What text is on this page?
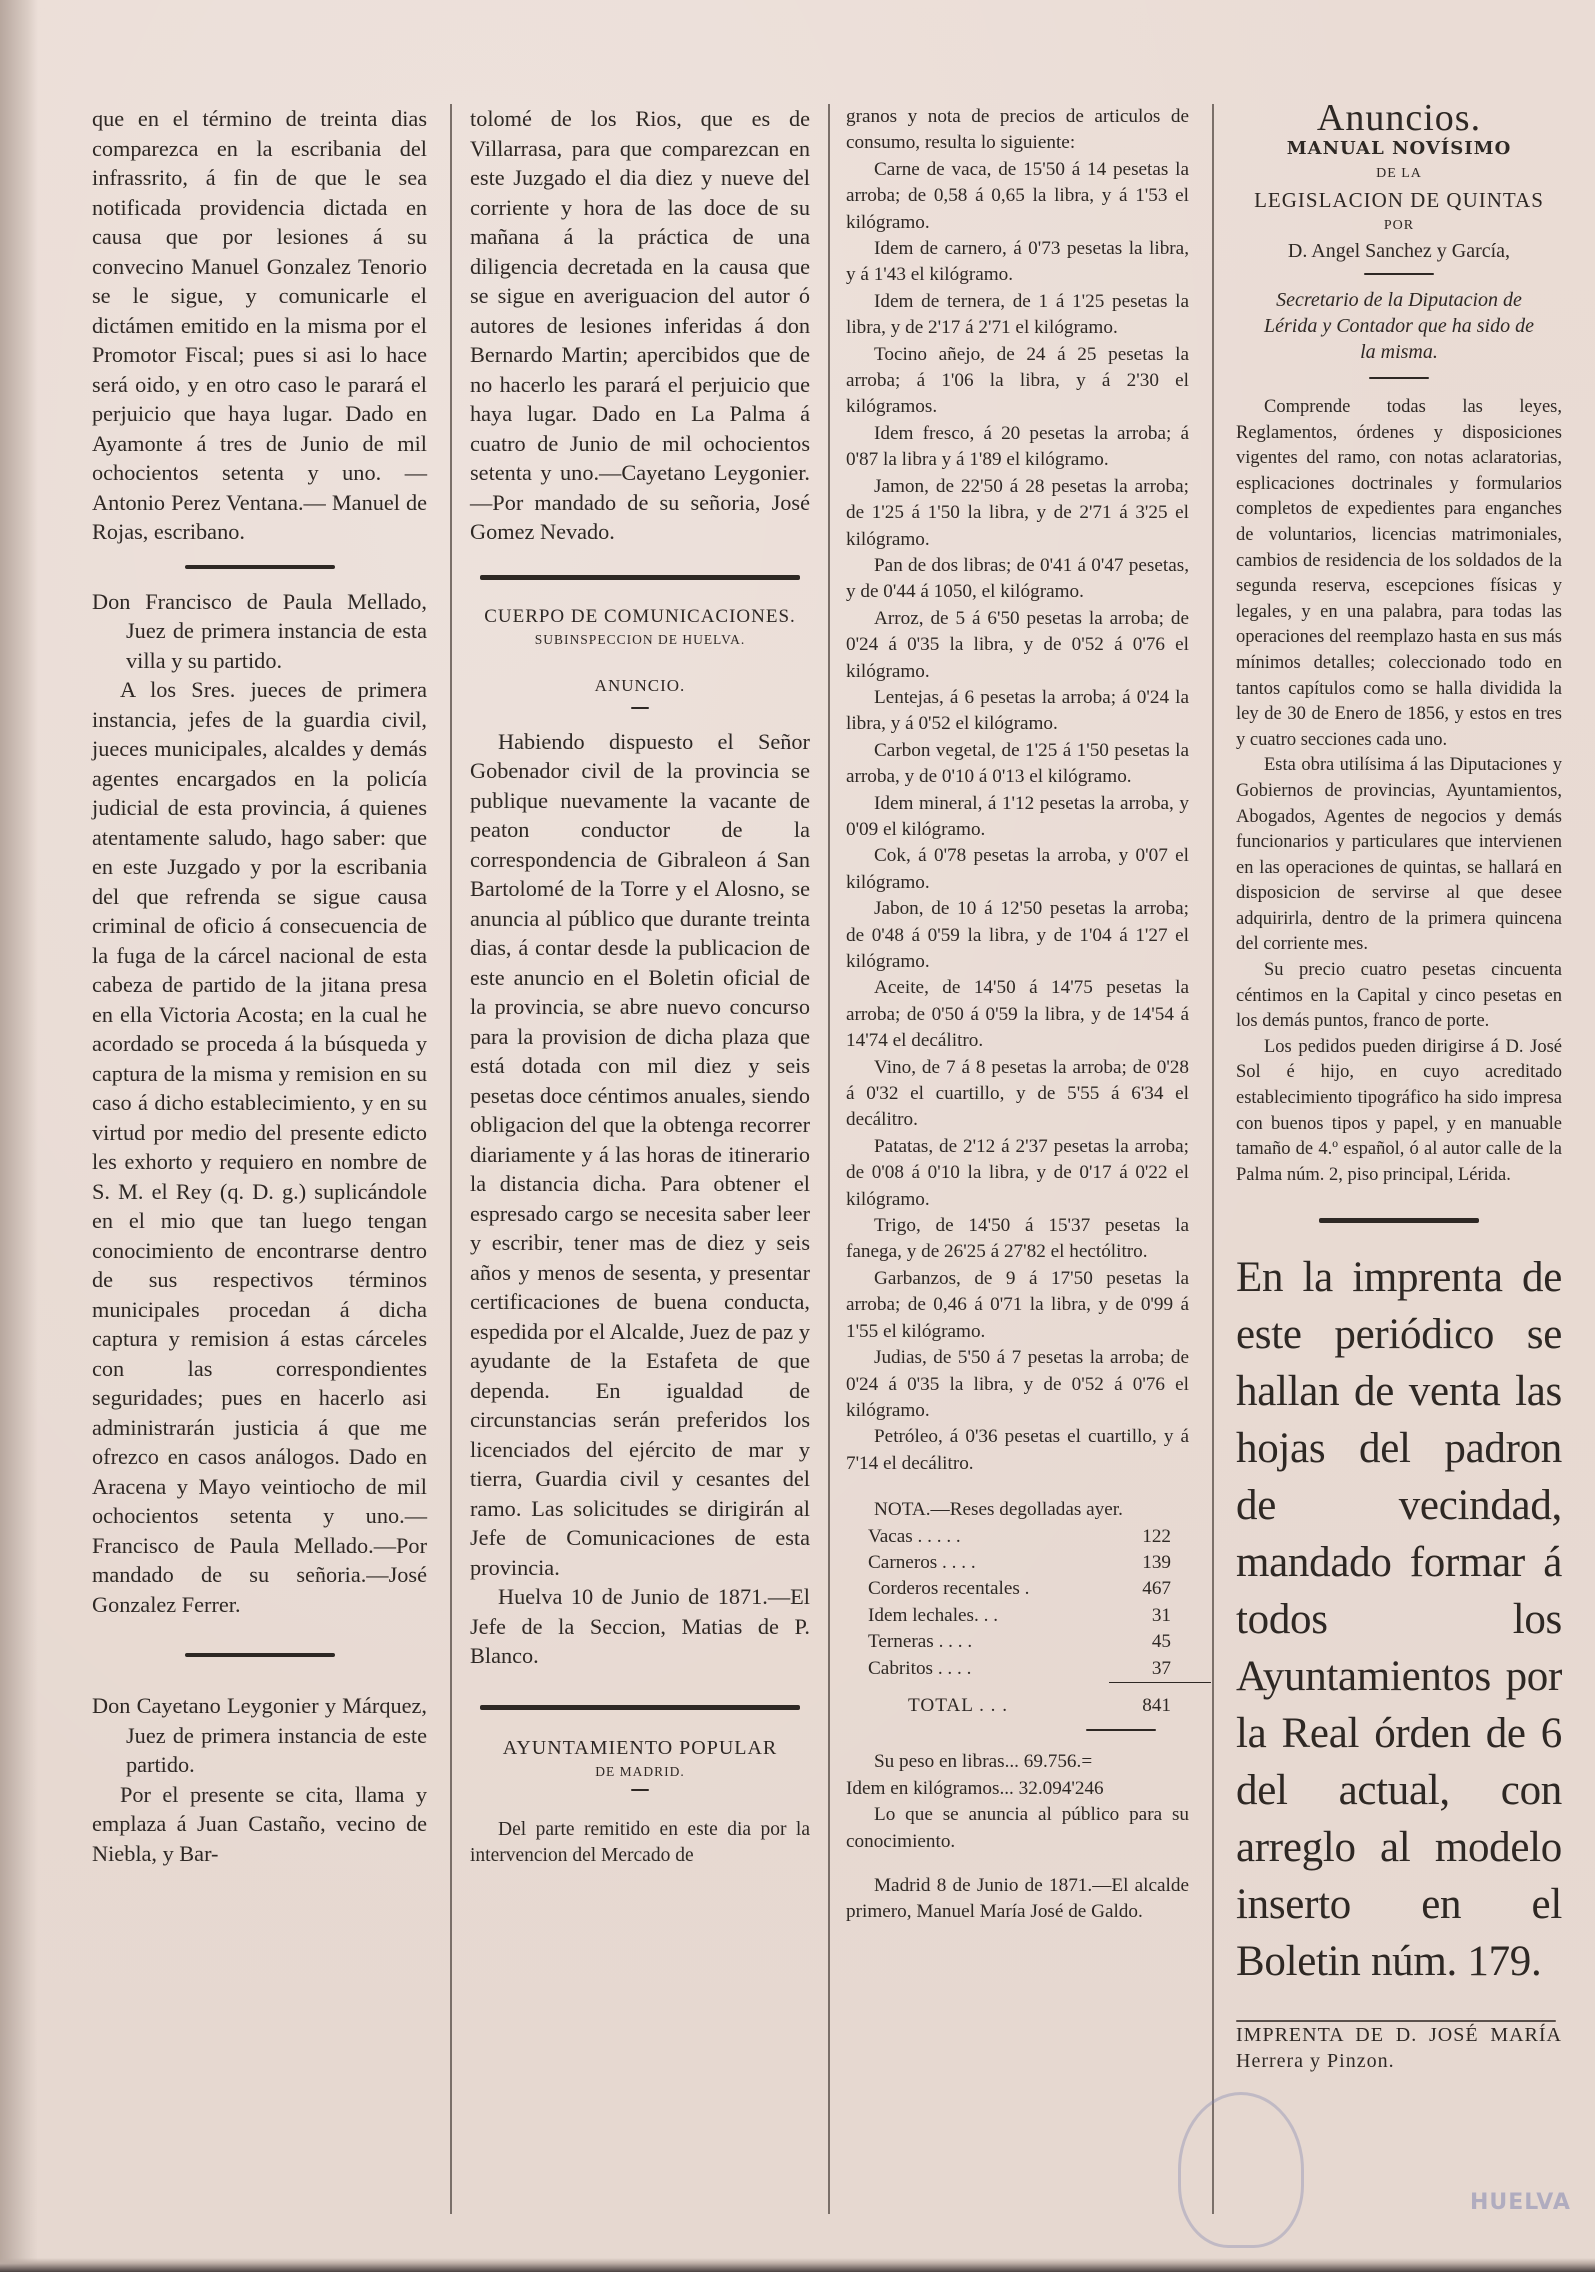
que en el término de treinta dias comparezca en la escribania del infrassrito, á fin de que le sea notificada providencia dictada en causa que por lesiones á su convecino Manuel Gonzalez Tenorio se le sigue, y comunicarle el dictámen emitido en la misma por el Promotor Fiscal; pues si asi lo hace será oido, y en otro caso le parará el perjuicio que haya lugar. Dado en Ayamonte á tres de Junio de mil ochocientos setenta y uno. —Antonio Perez Ventana.— Manuel de Rojas, escribano.

Don Francisco de Paula Mellado, Juez de primera instancia de esta villa y su partido.

A los Sres. jueces de primera instancia, jefes de la guardia civil, jueces municipales, alcaldes y demás agentes encargados en la policía judicial de esta provincia, á quienes atentamente saludo, hago saber: que en este Juzgado y por la escribania del que refrenda se sigue causa criminal de oficio á consecuencia de la fuga de la cárcel nacional de esta cabeza de partido de la jitana presa en ella Victoria Acosta; en la cual he acordado se proceda á la búsqueda y captura de la misma y remision en su caso á dicho establecimiento, y en su virtud por medio del presente edicto les exhorto y requiero en nombre de S. M. el Rey (q. D. g.) suplicándole en el mio que tan luego tengan conocimiento de encontrarse dentro de sus respectivos términos municipales procedan á dicha captura y remision á estas cárceles con las correspondientes seguridades; pues en hacerlo asi administrarán justicia á que me ofrezco en casos análogos. Dado en Aracena y Mayo veintiocho de mil ochocientos setenta y uno.—Francisco de Paula Mellado.—Por mandado de su señoria.—José Gonzalez Ferrer.

Don Cayetano Leygonier y Márquez, Juez de primera instancia de este partido.

Por el presente se cita, llama y emplaza á Juan Castaño, vecino de Niebla, y Bar-

tolomé de los Rios, que es de Villarrasa, para que comparezcan en este Juzgado el dia diez y nueve del corriente y hora de las doce de su mañana á la práctica de una diligencia decretada en la causa que se sigue en averiguacion del autor ó autores de lesiones inferidas á don Bernardo Martin; apercibidos que de no hacerlo les parará el perjuicio que haya lugar. Dado en La Palma á cuatro de Junio de mil ochocientos setenta y uno.—Cayetano Leygonier.—Por mandado de su señoria, José Gomez Nevado.

CUERPO DE COMUNICACIONES.

SUBINSPECCION DE HUELVA.

ANUNCIO.

Habiendo dispuesto el Señor Gobenador civil de la provincia se publique nuevamente la vacante de peaton conductor de la correspondencia de Gibraleon á San Bartolomé de la Torre y el Alosno, se anuncia al público que durante treinta dias, á contar desde la publicacion de este anuncio en el Boletin oficial de la provincia, se abre nuevo concurso para la provision de dicha plaza que está dotada con mil diez y seis pesetas doce céntimos anuales, siendo obligacion del que la obtenga recorrer diariamente y á las horas de itinerario la distancia dicha. Para obtener el espresado cargo se necesita saber leer y escribir, tener mas de diez y seis años y menos de sesenta, y presentar certificaciones de buena conducta, espedida por el Alcalde, Juez de paz y ayudante de la Estafeta de que dependa. En igualdad de circunstancias serán preferidos los licenciados del ejército de mar y tierra, Guardia civil y cesantes del ramo. Las solicitudes se dirigirán al Jefe de Comunicaciones de esta provincia.

Huelva 10 de Junio de 1871.—El Jefe de la Seccion, Matias de P. Blanco.

AYUNTAMIENTO POPULAR

DE MADRID.

Del parte remitido en este dia por la intervencion del Mercado de

granos y nota de precios de articulos de consumo, resulta lo siguiente:

Carne de vaca, de 15'50 á 14 pesetas la arroba; de 0,58 á 0,65 la libra, y á 1'53 el kilógramo.

Idem de carnero, á 0'73 pesetas la libra, y á 1'43 el kilógramo.

Idem de ternera, de 1 á 1'25 pesetas la libra, y de 2'17 á 2'71 el kilógramo.

Tocino añejo, de 24 á 25 pesetas la arroba; á 1'06 la libra, y á 2'30 el kilógramos.

Idem fresco, á 20 pesetas la arroba; á 0'87 la libra y á 1'89 el kilógramo.

Jamon, de 22'50 á 28 pesetas la arroba; de 1'25 á 1'50 la libra, y de 2'71 á 3'25 el kilógramo.

Pan de dos libras; de 0'41 á 0'47 pesetas, y de 0'44 á 1050, el kilógramo.

Arroz, de 5 á 6'50 pesetas la arroba; de 0'24 á 0'35 la libra, y de 0'52 á 0'76 el kilógramo.

Lentejas, á 6 pesetas la arroba; á 0'24 la libra, y á 0'52 el kilógramo.

Carbon vegetal, de 1'25 á 1'50 pesetas la arroba, y de 0'10 á 0'13 el kilógramo.

Idem mineral, á 1'12 pesetas la arroba, y 0'09 el kilógramo.

Cok, á 0'78 pesetas la arroba, y 0'07 el kilógramo.

Jabon, de 10 á 12'50 pesetas la arroba; de 0'48 á 0'59 la libra, y de 1'04 á 1'27 el kilógramo.

Aceite, de 14'50 á 14'75 pesetas la arroba; de 0'50 á 0'59 la libra, y de 14'54 á 14'74 el decálitro.

Vino, de 7 á 8 pesetas la arroba; de 0'28 á 0'32 el cuartillo, y de 5'55 á 6'34 el decálitro.

Patatas, de 2'12 á 2'37 pesetas la arroba; de 0'08 á 0'10 la libra, y de 0'17 á 0'22 el kilógramo.

Trigo, de 14'50 á 15'37 pesetas la fanega, y de 26'25 á 27'82 el hectólitro.

Garbanzos, de 9 á 17'50 pesetas la arroba; de 0,46 á 0'71 la libra, y de 0'99 á 1'55 el kilógramo.

Judias, de 5'50 á 7 pesetas la arroba; de 0'24 á 0'35 la libra, y de 0'52 á 0'76 el kilógramo.

Petróleo, á 0'36 pesetas el cuartillo, y á 7'14 el decálitro.

NOTA.—Reses degolladas ayer.

Vacas . . . . .	122
Carneros . . . .	139
Corderos recentales .	467
Idem lechales. . .	31
Terneras . . . .	45
Cabritos . . . .	37
TOTAL . . .	841

Su peso en libras... 69.756.=

Idem en kilógramos... 32.094'246

Lo que se anuncia al público para su conocimiento.

Madrid 8 de Junio de 1871.—El alcalde primero, Manuel María José de Galdo.

Anuncios.

MANUAL NOVÍSIMO

DE LA

LEGISLACION DE QUINTAS

POR

D. Angel Sanchez y García,

Secretario de la Diputacion de Lérida y Contador que ha sido de la misma.

Comprende todas las leyes, Reglamentos, órdenes y disposiciones vigentes del ramo, con notas aclaratorias, esplicaciones doctrinales y formularios completos de expedientes para enganches de voluntarios, licencias matrimoniales, cambios de residencia de los soldados de la segunda reserva, escepciones físicas y legales, y en una palabra, para todas las operaciones del reemplazo hasta en sus más mínimos detalles; coleccionado todo en tantos capítulos como se halla dividida la ley de 30 de Enero de 1856, y estos en tres y cuatro secciones cada uno.

Esta obra utilísima á las Diputaciones y Gobiernos de provincias, Ayuntamientos, Abogados, Agentes de negocios y demás funcionarios y particulares que intervienen en las operaciones de quintas, se hallará en disposicion de servirse al que desee adquirirla, dentro de la primera quincena del corriente mes.

Su precio cuatro pesetas cincuenta céntimos en la Capital y cinco pesetas en los demás puntos, franco de porte.

Los pedidos pueden dirigirse á D. José Sol é hijo, en cuyo acreditado establecimiento tipográfico ha sido impresa con buenos tipos y papel, y en manuable tamaño de 4.º español, ó al autor calle de la Palma núm. 2, piso principal, Lérida.

En la imprenta de este periódico se hallan de venta las hojas del padron de vecindad, mandado formar á todos los Ayuntamientos por la Real órden de 6 del actual, con arreglo al modelo inserto en el Boletin núm. 179.

IMPRENTA DE D. JOSÉ MARÍA Herrera y Pinzon.

HUELVA
